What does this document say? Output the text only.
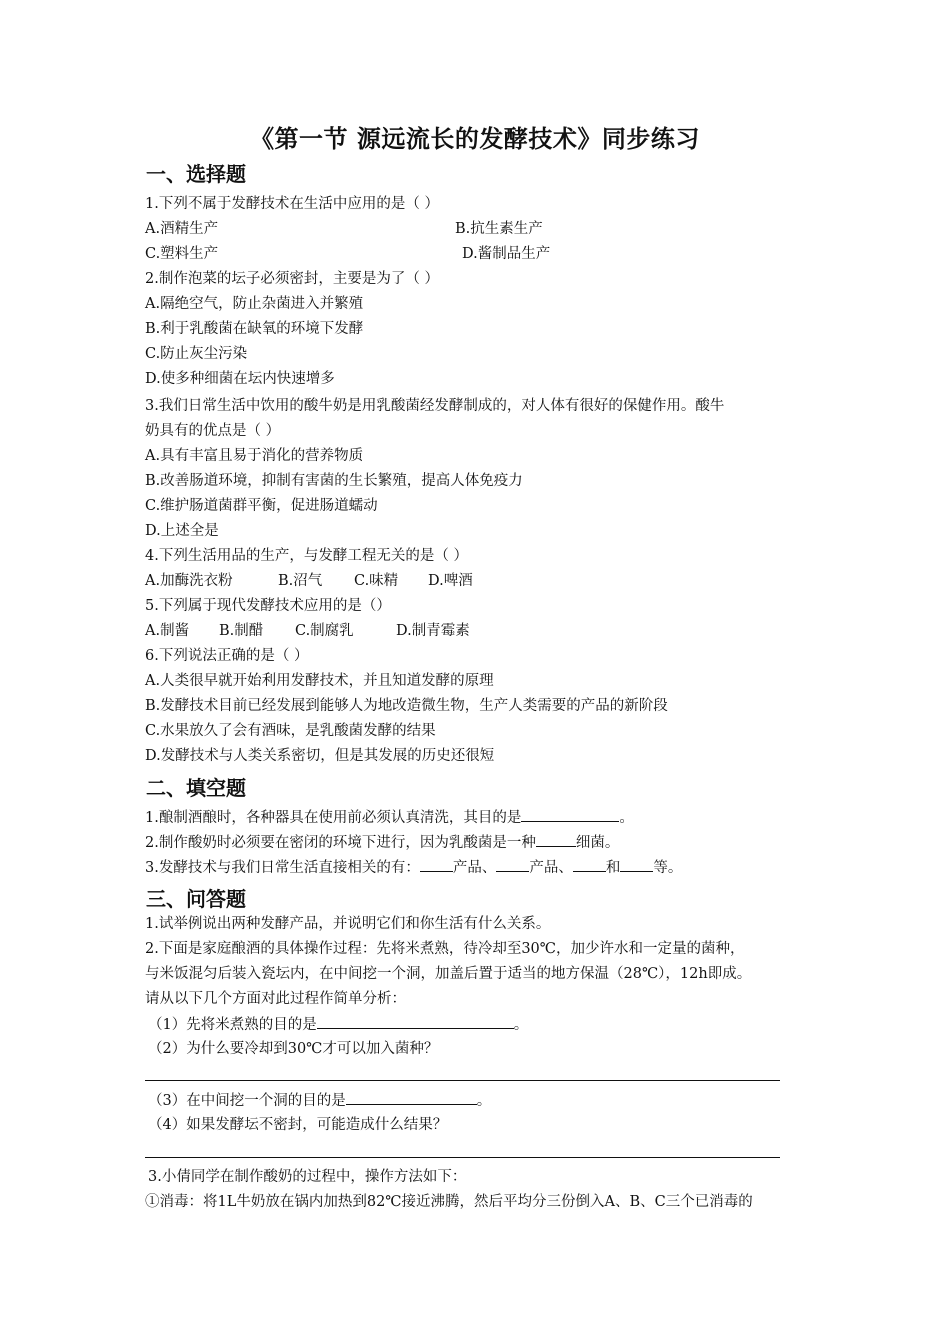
《第一节 源远流长的发酵技术》同步练习
一、选择题
1.下列不属于发酵技术在生活中应用的是（ ）
A.酒精生产	B.抗生素生产
C.塑料生产	D.酱制品生产
2.制作泡菜的坛子必须密封，主要是为了（ ）
A.隔绝空气，防止杂菌进入并繁殖
B.利于乳酸菌在缺氧的环境下发酵
C.防止灰尘污染
D.使多种细菌在坛内快速增多
3.我们日常生活中饮用的酸牛奶是用乳酸菌经发酵制成的，对人体有很好的保健作用。酸牛
奶具有的优点是（ ）
A.具有丰富且易于消化的营养物质
B.改善肠道环境，抑制有害菌的生长繁殖，提高人体免疫力
C.维护肠道菌群平衡，促进肠道蠕动
D.上述全是
4.下列生活用品的生产，与发酵工程无关的是（ ）
A.加酶洗衣粉	B.沼气 C.味精 D.啤酒
5.下列属于现代发酵技术应用的是（）
A.制酱 B.制醋 C.制腐乳	D.制青霉素
6.下列说法正确的是（ ）
A.人类很早就开始利用发酵技术，并且知道发酵的原理
B.发酵技术目前已经发展到能够人为地改造微生物，生产人类需要的产品的新阶段
C.水果放久了会有酒味，是乳酸菌发酵的结果
D.发酵技术与人类关系密切，但是其发展的历史还很短
二、填空题
1.酿制酒酿时，各种器具在使用前必须认真清洗，其目的是	。
2.制作酸奶时必须要在密闭的环境下进行，因为乳酸菌是一种	细菌。
3.发酵技术与我们日常生活直接相关的有： 产品、 产品、 和 等。
三、问答题
1.试举例说出两种发酵产品，并说明它们和你生活有什么关系。
2.下面是家庭酿酒的具体操作过程：先将米煮熟，待冷却至30℃，加少许水和一定量的菌种，
与米饭混匀后装入瓷坛内，在中间挖一个洞，加盖后置于适当的地方保温（28℃），12h即成。
请从以下几个方面对此过程作简单分析：
（1）先将米煮熟的目的是	。
（2）为什么要冷却到30℃才可以加入菌种？
（3）在中间挖一个洞的目的是	。
（4）如果发酵坛不密封，可能造成什么结果？
3.小倩同学在制作酸奶的过程中，操作方法如下：
①消毒：将1L牛奶放在锅内加热到82℃接近沸腾，然后平均分三份倒入A、B、C三个已消毒的
